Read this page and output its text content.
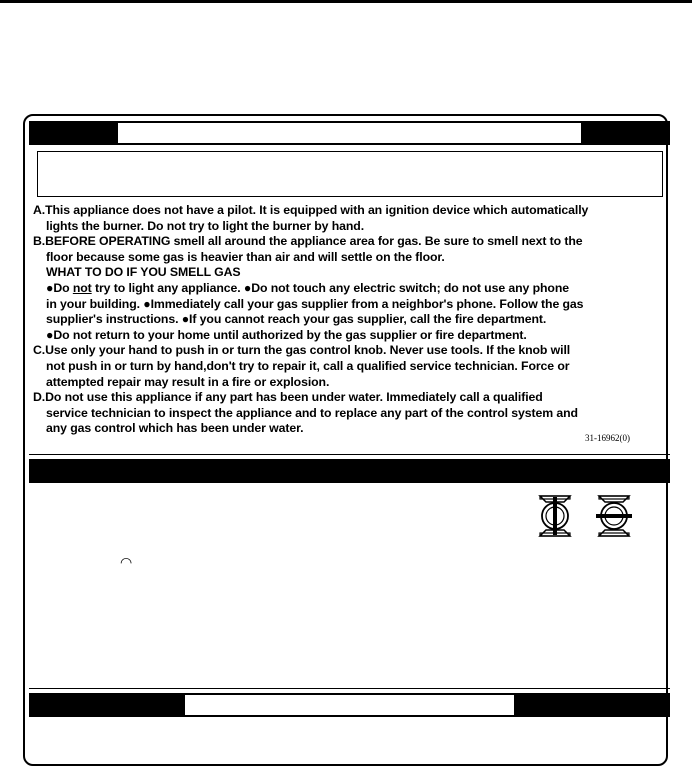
A.This appliance does not have a pilot. It is equipped with an ignition device which automatically

lights the burner. Do not try to light the burner by hand.

B.BEFORE OPERATING smell all around the appliance area for gas. Be sure to smell next to the

floor because some gas is heavier than air and will settle on the floor.

WHAT TO DO IF YOU SMELL GAS

●Do not try to light any appliance. ●Do not touch any electric switch; do not use any phone

in your building. ●Immediately call your gas supplier from a neighbor's phone. Follow the gas

supplier's instructions. ●If you cannot reach your gas supplier, call the fire department.

●Do not return to your home until authorized by the gas supplier or fire department.

C.Use only your hand to push in or turn the gas control knob. Never use tools. If the knob will

not push in or turn by hand,don't try to repair it, call a qualified service technician. Force or

attempted repair may result in a fire or explosion.

D.Do not use this appliance if any part has been under water. Immediately call a qualified

service technician to inspect the appliance and to replace any part of the control system and

any gas control which has been under water.

31-16962(0)
◠
